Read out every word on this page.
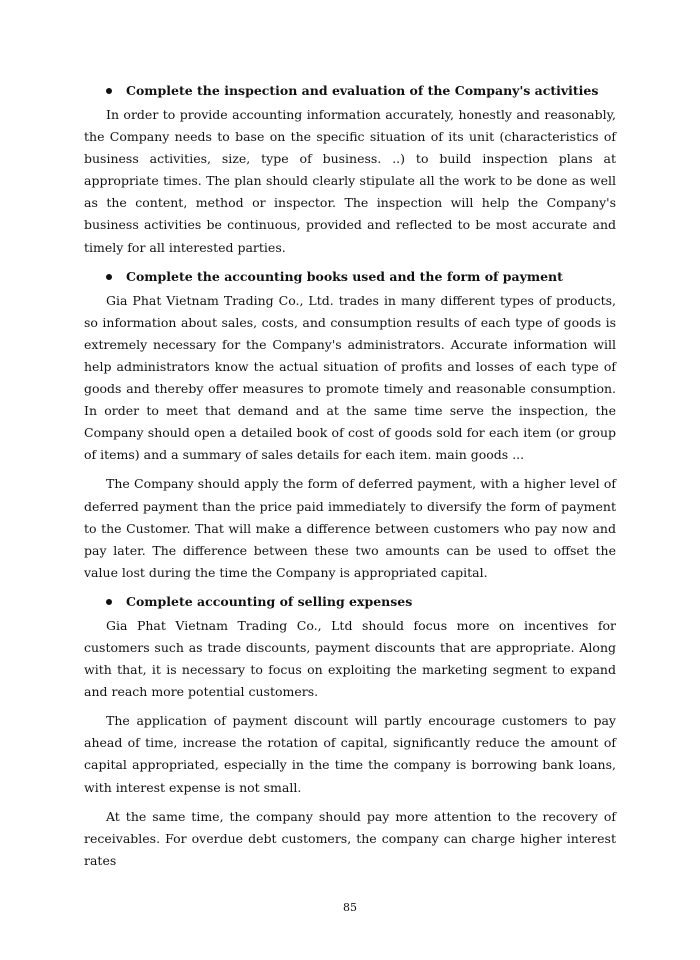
Complete the inspection and evaluation of the Company's activities

In order to provide accounting information accurately, honestly and reasonably, the Company needs to base on the specific situation of its unit (characteristics of business activities, size, type of business. ..) to build inspection plans at appropriate times. The plan should clearly stipulate all the work to be done as well as the content, method or inspector. The inspection will help the Company's business activities be continuous, provided and reflected to be most accurate and timely for all interested parties.

Complete the accounting books used and the form of payment

Gia Phat Vietnam Trading Co., Ltd. trades in many different types of products, so information about sales, costs, and consumption results of each type of goods is extremely necessary for the Company's administrators. Accurate information will help administrators know the actual situation of profits and losses of each type of goods and thereby offer measures to promote timely and reasonable consumption. In order to meet that demand and at the same time serve the inspection, the Company should open a detailed book of cost of goods sold for each item (or group of items) and a summary of sales details for each item. main goods ...

The Company should apply the form of deferred payment, with a higher level of deferred payment than the price paid immediately to diversify the form of payment to the Customer. That will make a difference between customers who pay now and pay later. The difference between these two amounts can be used to offset the value lost during the time the Company is appropriated capital.

Complete accounting of selling expenses

Gia Phat Vietnam Trading Co., Ltd should focus more on incentives for customers such as trade discounts, payment discounts that are appropriate. Along with that, it is necessary to focus on exploiting the marketing segment to expand and reach more potential customers.

The application of payment discount will partly encourage customers to pay ahead of time, increase the rotation of capital, significantly reduce the amount of capital appropriated, especially in the time the company is borrowing bank loans, with interest expense is not small.

At the same time, the company should pay more attention to the recovery of receivables. For overdue debt customers, the company can charge higher interest rates

85
